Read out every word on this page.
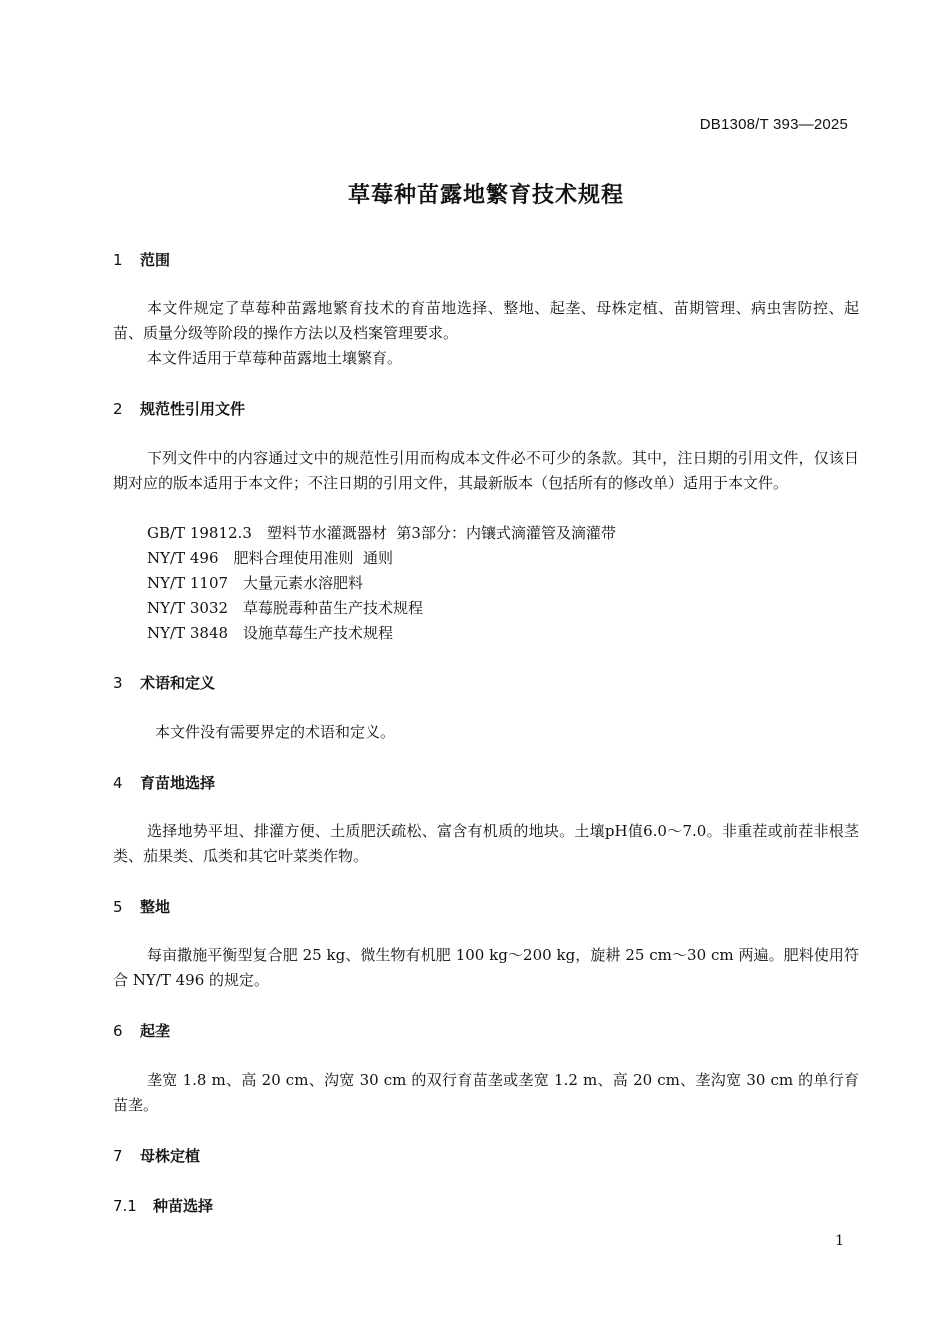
DB1308/T 393—2025
草莓种苗露地繁育技术规程
1 范围
本文件规定了草莓种苗露地繁育技术的育苗地选择、整地、起垄、母株定植、苗期管理、病虫害防控、起苗、质量分级等阶段的操作方法以及档案管理要求。
本文件适用于草莓种苗露地土壤繁育。
2 规范性引用文件
下列文件中的内容通过文中的规范性引用而构成本文件必不可少的条款。其中，注日期的引用文件，仅该日期对应的版本适用于本文件；不注日期的引用文件，其最新版本（包括所有的修改单）适用于本文件。
GB/T 19812.3　塑料节水灌溉器材  第3部分：内镶式滴灌管及滴灌带
NY/T 496　肥料合理使用准则  通则
NY/T 1107　大量元素水溶肥料
NY/T 3032　草莓脱毒种苗生产技术规程
NY/T 3848　设施草莓生产技术规程
3 术语和定义
本文件没有需要界定的术语和定义。
4 育苗地选择
选择地势平坦、排灌方便、土质肥沃疏松、富含有机质的地块。土壤pH值6.0～7.0。非重茬或前茬非根茎类、茄果类、瓜类和其它叶菜类作物。
5 整地
每亩撒施平衡型复合肥 25 kg、微生物有机肥 100 kg～200 kg，旋耕 25 cm～30 cm 两遍。肥料使用符合 NY/T 496 的规定。
6 起垄
垄宽 1.8 m、高 20 cm、沟宽 30 cm 的双行育苗垄或垄宽 1.2 m、高 20 cm、垄沟宽 30 cm 的单行育苗垄。
7 母株定植
7.1 种苗选择
1
